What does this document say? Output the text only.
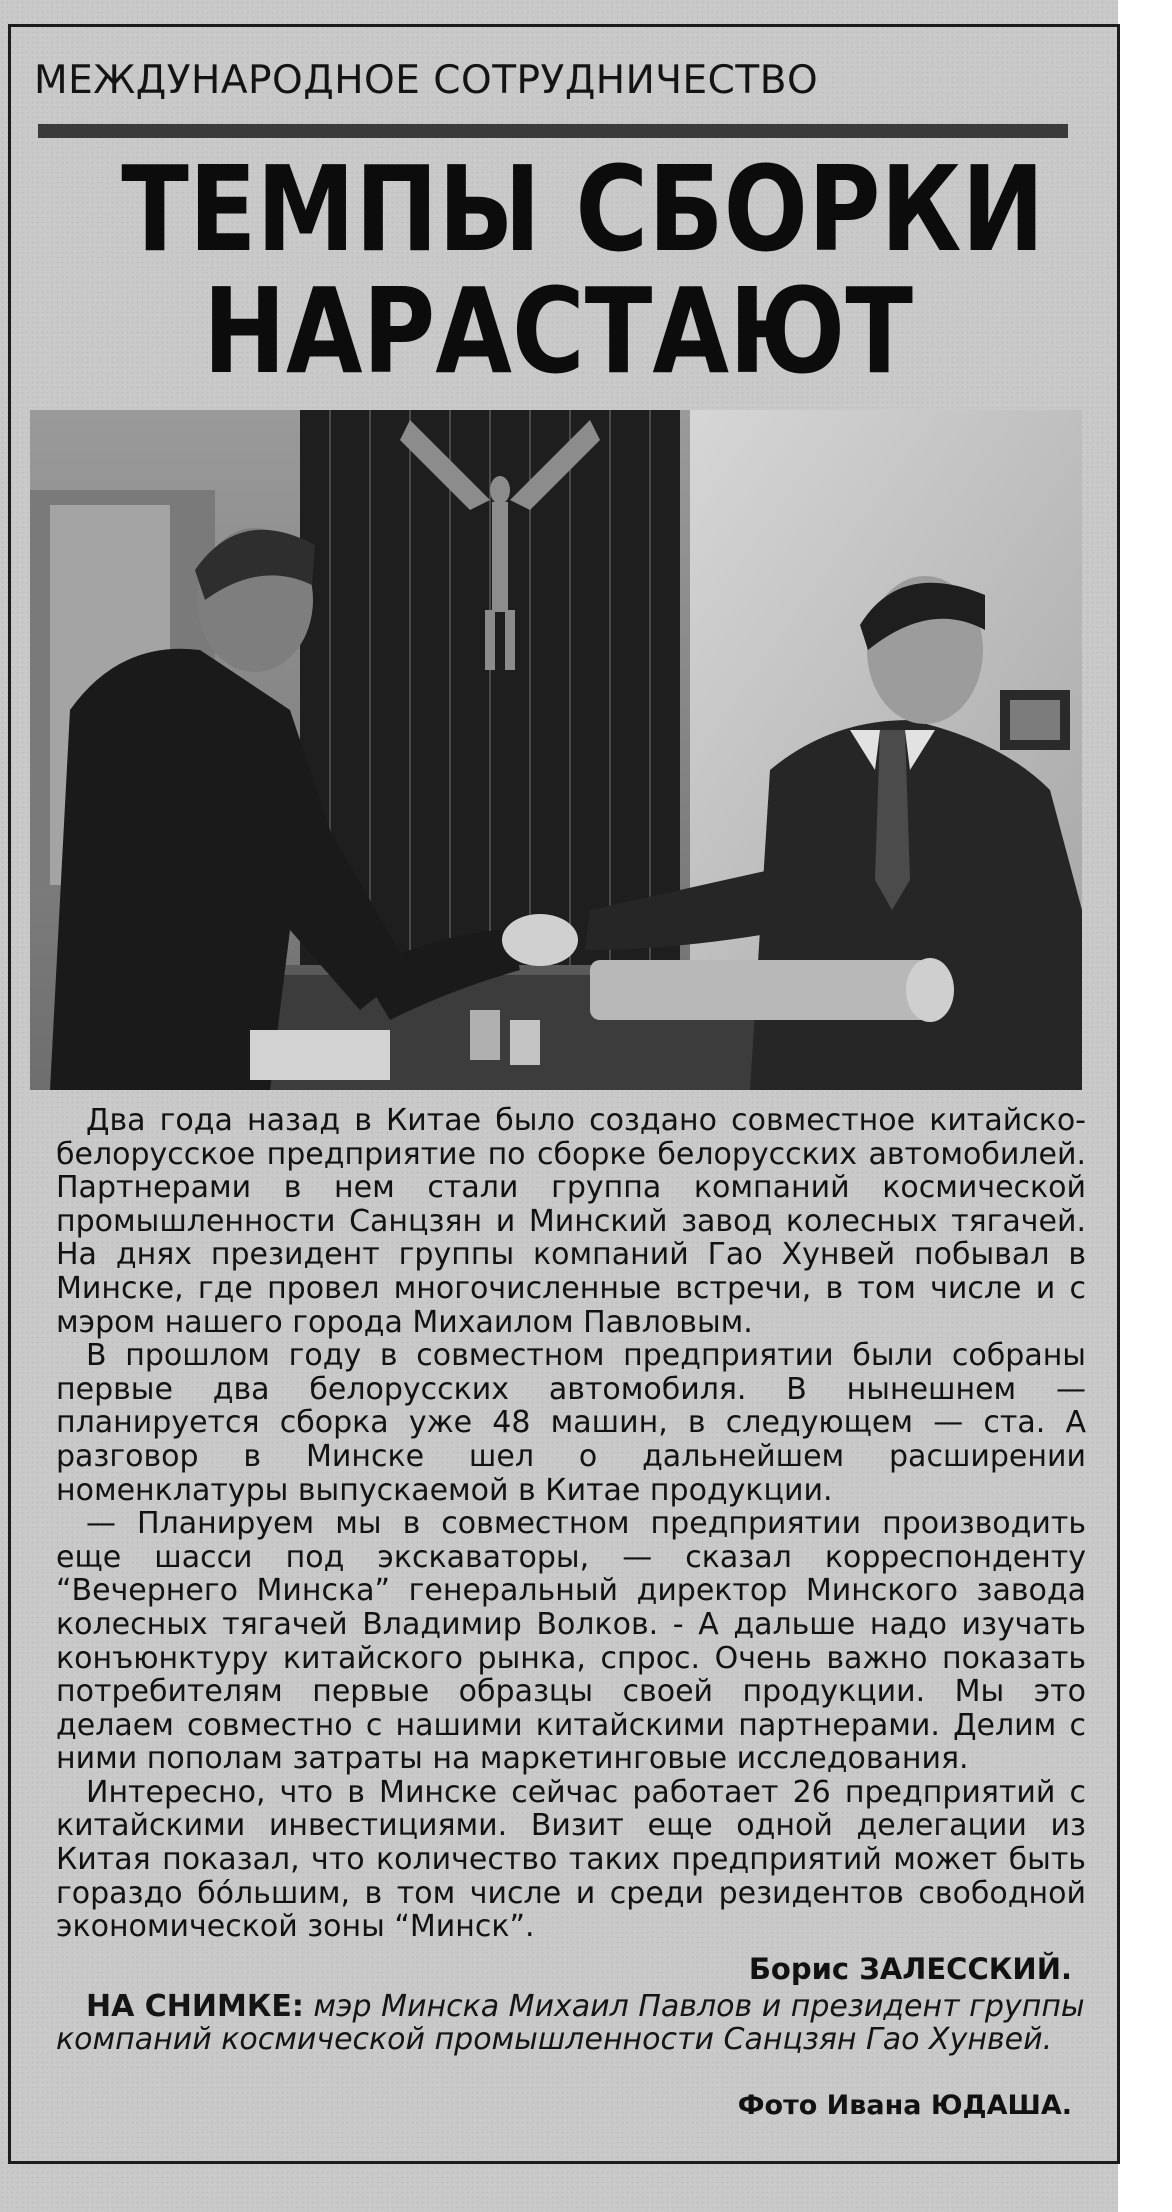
МЕЖДУНАРОДНОЕ СОТРУДНИЧЕСТВО
ТЕМПЫ СБОРКИ
НАРАСТАЮТ

Два года назад в Китае было создано совместное китайско-белорусское предприятие по сборке белорусских автомобилей. Партнерами в нем стали группа компаний космической промышленности Санцзян и Минский завод колесных тягачей. На днях президент группы компаний Гао Хунвей побывал в Минске, где провел многочисленные встречи, в том числе и с мэром нашего города Михаилом Павловым.

В прошлом году в совместном предприятии были собраны первые два белорусских автомобиля. В нынешнем — планируется сборка уже 48 машин, в следующем — ста. А разговор в Минске шел о дальнейшем расширении номенклатуры выпускаемой в Китае продукции.

— Планируем мы в совместном предприятии производить еще шасси под экскаваторы, — сказал корреспонденту “Вечернего Минска” генеральный директор Минского завода колесных тягачей Владимир Волков. - А дальше надо изучать конъюнктуру китайского рынка, спрос. Очень важно показать потребителям первые образцы своей продукции. Мы это делаем совместно с нашими китайскими партнерами. Делим с ними пополам затраты на маркетинговые исследования.

Интересно, что в Минске сейчас работает 26 предприятий с китайскими инвестициями. Визит еще одной делегации из Китая показал, что количество таких предприятий может быть гораздо бо́льшим, в том числе и среди резидентов свободной экономической зоны “Минск”.

Борис ЗАЛЕССКИЙ.
НА СНИМКЕ: мэр Минска Михаил Павлов и президент группы компаний космической промышленности Санцзян Гао Хунвей.
Фото Ивана ЮДАША.
